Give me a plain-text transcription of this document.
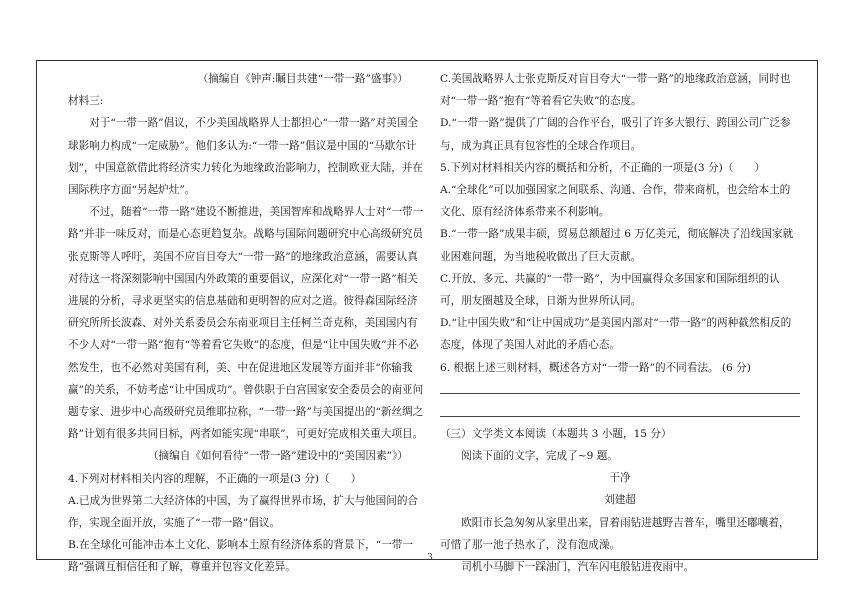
（摘编自《钟声:瞩目共建“一带一路”盛事》）

材料三:

对于“一带一路”倡议，不少美国战略界人士都担心“一带一路”对美国全球影响力构成“一定威胁”。他们多认为:“一带一路”倡议是中国的“马歇尔计划”，中国意欲借此将经济实力转化为地缘政治影响力，控制欧亚大陆，并在国际秩序方面“另起炉灶”。

不过，随着“一带一路”建设不断推进，美国智库和战略界人士对“一带一路”并非一味反对，而是心态更趋复杂。战略与国际问题研究中心高级研究员张克斯等人呼吁，美国不应盲目夸大“一带一路”的地缘政治意涵，需要认真对待这一将深刻影响中国国内外政策的重要倡议，应深化对“一带一路”相关进展的分析，寻求更坚实的信息基础和更明智的应对之道。彼得森国际经济研究所所长波森、对外关系委员会东南亚项目主任柯兰奇克称，美国国内有不少人对“一带一路”抱有“等着看它失败”的态度，但是“让中国失败”并不必然发生，也不必然对美国有利，美、中在促进地区发展等方面并非“你输我赢”的关系，不妨考虑“让中国成功”。曾供职于白宫国家安全委员会的南亚问题专家、进步中心高级研究员维耶拉称，“一带一路”与美国提出的“新丝绸之路”计划有很多共同目标，两者如能实现“串联”，可更好完成相关重大项目。

（摘编自《如何看待“一带一路”建设中的“美国因素”》）

4.下列对材料相关内容的理解，不正确的一项是(3 分)（　　）

A.已成为世界第二大经济体的中国，为了赢得世界市场，扩大与他国间的合作，实现全面开放，实施了“一带一路”倡议。

B.在全球化可能冲击本土文化、影响本土原有经济体系的背景下，“一带一路”强调互相信任和了解，尊重并包容文化差异。

C.美国战略界人士张克斯反对盲目夸大“一带一路”的地缘政治意涵，同时也对“一带一路”抱有“等着看它失败”的态度。

D.“一带一路”提供了广阔的合作平台，吸引了许多大银行、跨国公司广泛参与，成为真正具有包容性的全球合作项目。

5.下列对材料相关内容的概括和分析，不正确的一项是(3 分)（　　）

A.“全球化”可以加强国家之间联系、沟通、合作，带来商机，也会给本土的文化、原有经济体系带来不利影响。

B.“一带一路”成果丰硕，贸易总额超过 6 万亿美元，彻底解决了沿线国家就业困难问题，为当地税收做出了巨大贡献。

C.开放、多元、共赢的“一带一路”，为中国赢得众多国家和国际组织的认可，朋友圈越及全球，日渐为世界所认同。

D.“让中国失败”和“让中国成功”是美国内部对“一带一路”的两种截然相反的态度，体现了美国人对此的矛盾心态。

6. 根据上述三则材料，概述各方对“一带一路”的不同看法。 (6 分)

（三）文学类文本阅读（本题共 3 小题，15 分）

阅读下面的文字，完成了~9 题。

干净

刘建超

欧阳市长急匆匆从家里出来，冒着雨钻进越野吉普车，嘴里还嘟囔着，可惜了那一池子热水了，没有泡成澡。

司机小马脚下一踩油门，汽车闪电般钻进夜雨中。

3
